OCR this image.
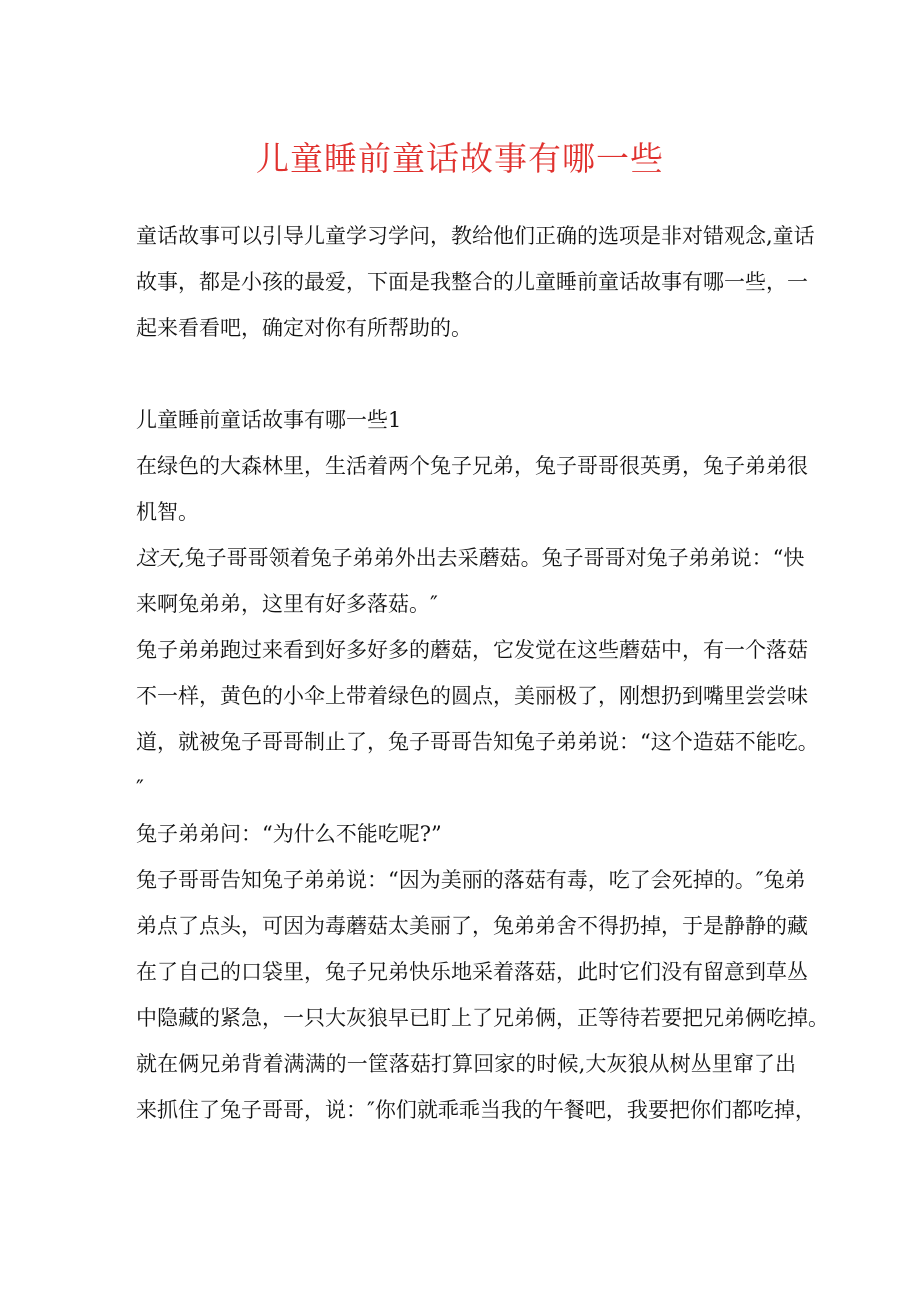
儿童睡前童话故事有哪一些

童话故事可以引导儿童学习学问，教给他们正确的选项是非对错观念,童话

故事，都是小孩的最爱，下面是我整合的儿童睡前童话故事有哪一些，一

起来看看吧，确定对你有所帮助的。

儿童睡前童话故事有哪一些1

在绿色的大森林里，生活着两个兔子兄弟，兔子哥哥很英勇，兔子弟弟很

机智。

这天,兔子哥哥领着兔子弟弟外出去采蘑菇。兔子哥哥对兔子弟弟说：“快

来啊兔弟弟，这里有好多落菇。″

兔子弟弟跑过来看到好多好多的蘑菇，它发觉在这些蘑菇中，有一个落菇

不一样，黄色的小伞上带着绿色的圆点，美丽极了，刚想扔到嘴里尝尝味

道，就被兔子哥哥制止了，兔子哥哥告知兔子弟弟说：“这个造菇不能吃。

″

兔子弟弟问：“为什么不能吃呢?”

兔子哥哥告知兔子弟弟说：“因为美丽的落菇有毒，吃了会死掉的。″兔弟

弟点了点头，可因为毒蘑菇太美丽了，兔弟弟舍不得扔掉，于是静静的藏

在了自己的口袋里，兔子兄弟快乐地采着落菇，此时它们没有留意到草丛

中隐藏的紧急，一只大灰狼早已盯上了兄弟俩，正等待若要把兄弟俩吃掉。

就在俩兄弟背着满满的一筐落菇打算回家的时候,大灰狼从树丛里窜了出

来抓住了兔子哥哥，说：″你们就乖乖当我的午餐吧，我要把你们都吃掉，
